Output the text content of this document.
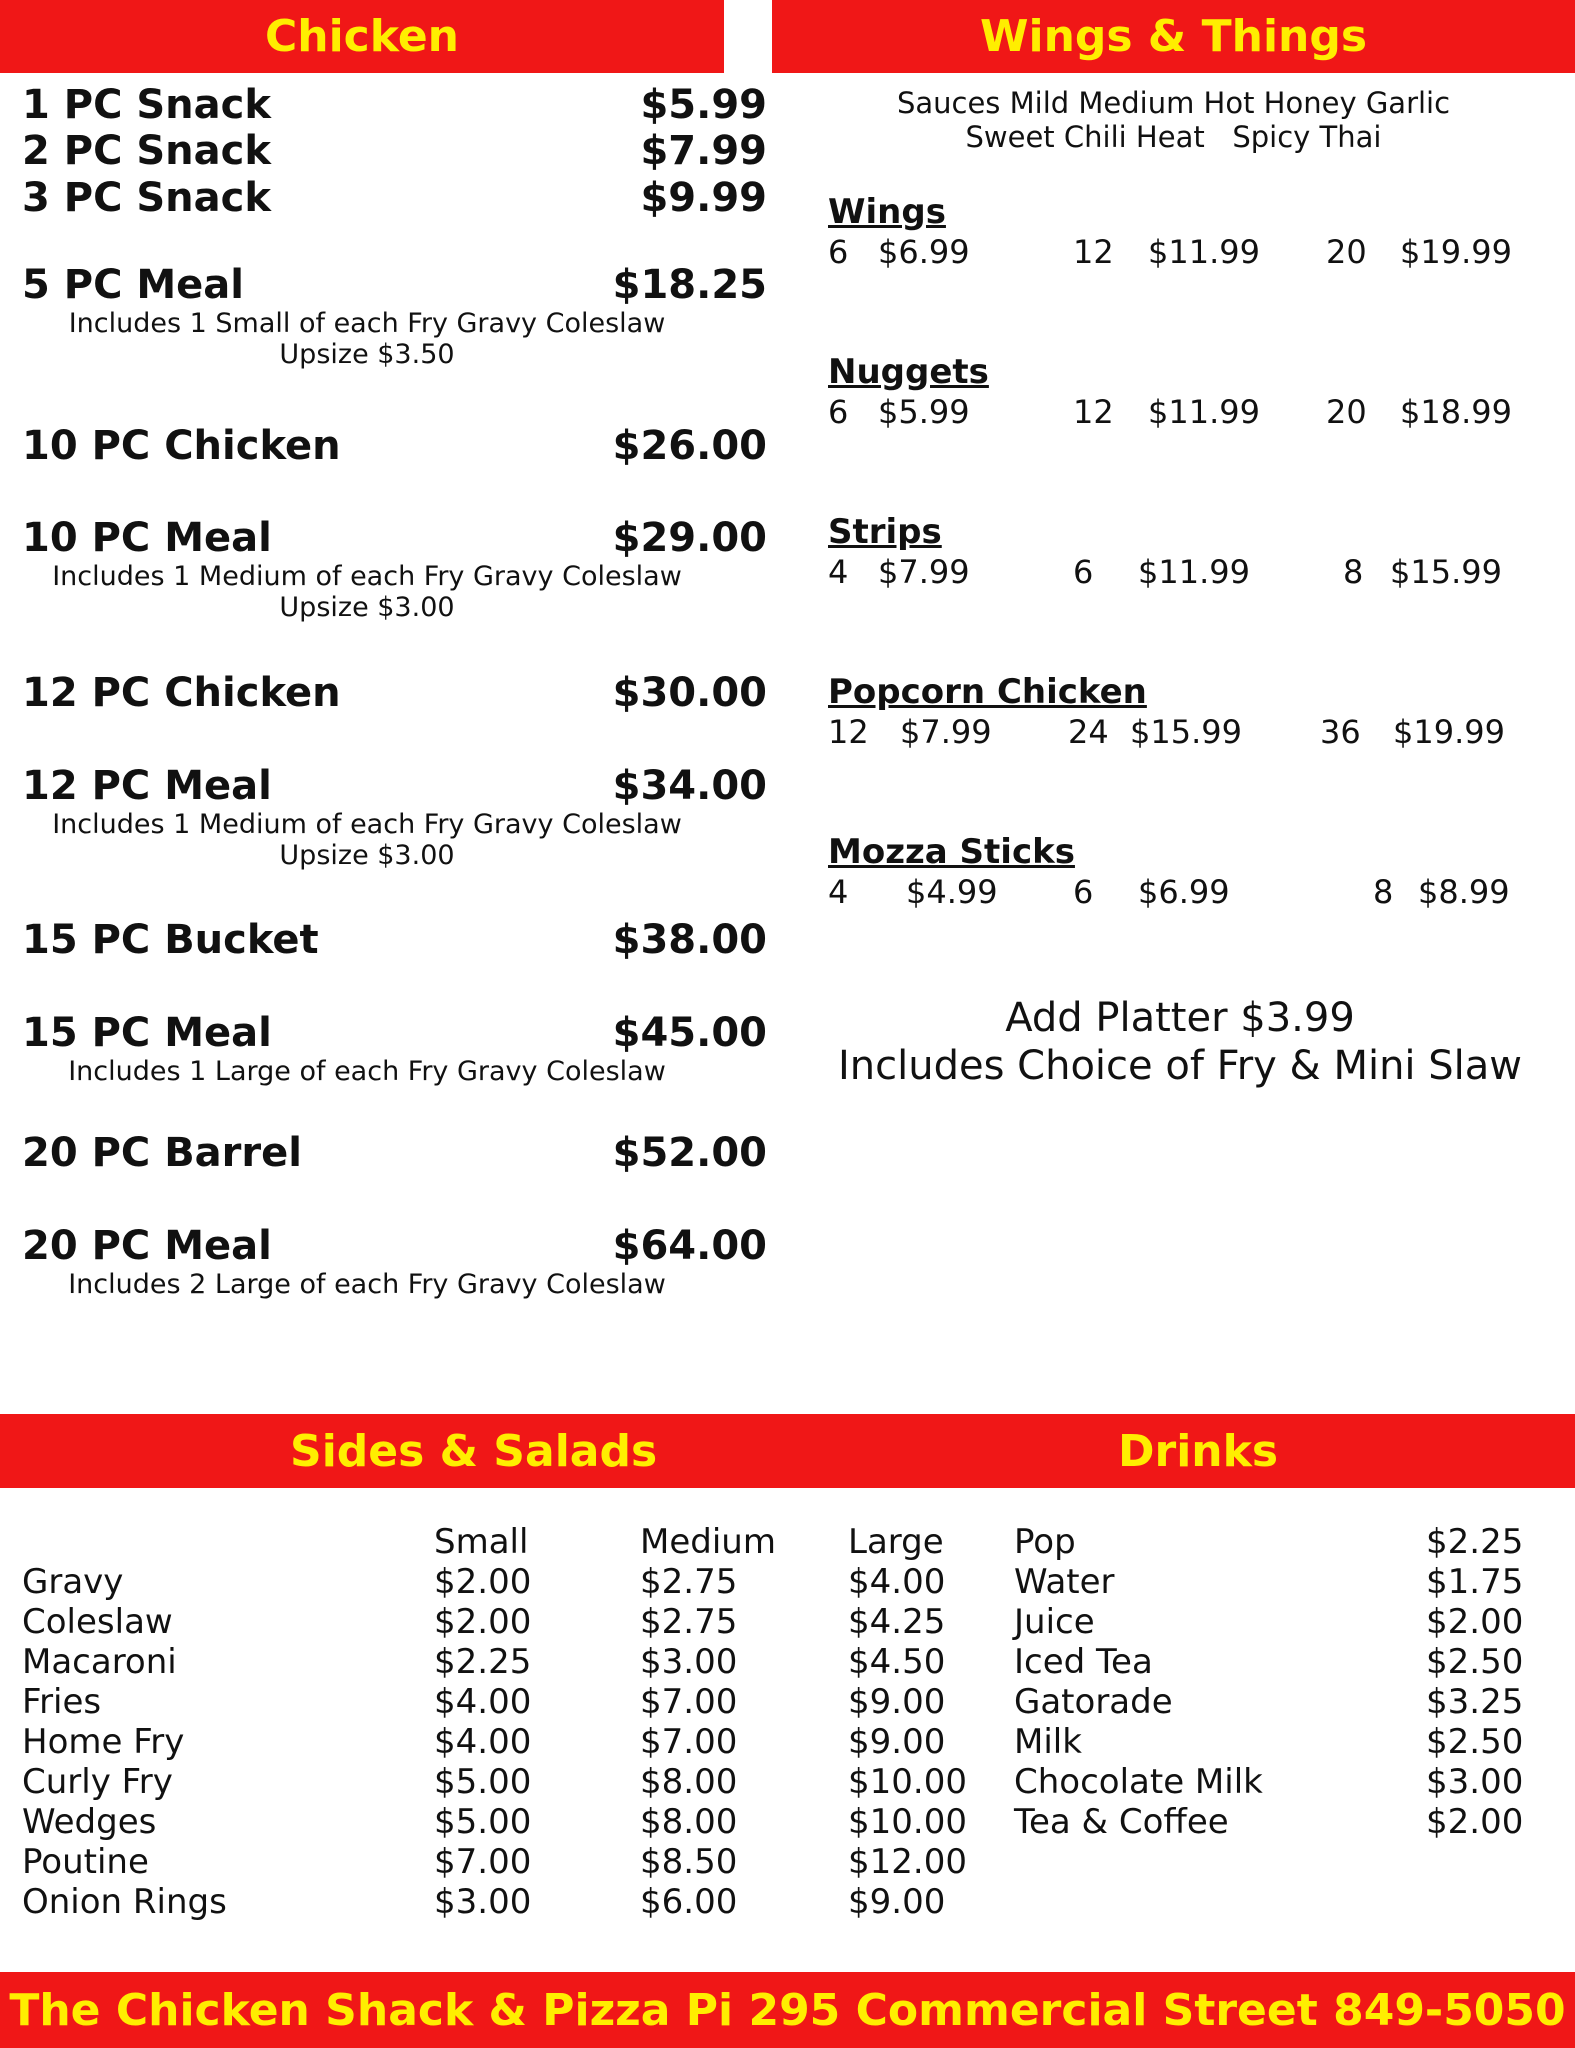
Chicken	Wings & Things
1 PC Snack	$5.99
2 PC Snack	$7.99
3 PC Snack	$9.99
5 PC Meal	$18.25
Includes 1 Small of each Fry Gravy Coleslaw
Upsize $3.50
10 PC Chicken	$26.00
10 PC Meal	$29.00
Includes 1 Medium of each Fry Gravy Coleslaw
Upsize $3.00
12 PC Chicken	$30.00
12 PC Meal	$34.00
Includes 1 Medium of each Fry Gravy Coleslaw
Upsize $3.00
15 PC Bucket	$38.00
15 PC Meal	$45.00
Includes 1 Large of each Fry Gravy Coleslaw
20 PC Barrel	$52.00
20 PC Meal	$64.00
Includes 2 Large of each Fry Gravy Coleslaw
Sauces Mild Medium Hot Honey Garlic
Sweet Chili Heat   Spicy Thai
Wings
6 $6.99	12 $11.99 20 $19.99
Nuggets
6 $5.99	12 $11.99 20 $18.99
Strips
4 $7.99	6 $11.99	8 $15.99
Popcorn Chicken
12 $7.99 24 $15.99 36 $19.99
Mozza Sticks
4 $4.99 6 $6.99	8 $8.99
Add Platter $3.99
Includes Choice of Fry & Mini Slaw
Sides & Salads	Drinks
Small	Medium Large
Gravy	$2.00	$2.75	$4.00
Coleslaw	$2.00	$2.75	$4.25
Macaroni	$2.25	$3.00	$4.50
Fries	$4.00	$7.00	$9.00
Home Fry	$4.00	$7.00	$9.00
Curly Fry	$5.00	$8.00	$10.00
Wedges	$5.00	$8.00	$10.00
Poutine	$7.00	$8.50	$12.00
Onion Rings	$3.00	$6.00	$9.00
Pop	$2.25
Water	$1.75
Juice	$2.00
Iced Tea	$2.50
Gatorade	$3.25
Milk	$2.50
Chocolate Milk	$3.00
Tea & Coffee	$2.00
The Chicken Shack & Pizza Pi 295 Commercial Street 849-5050
